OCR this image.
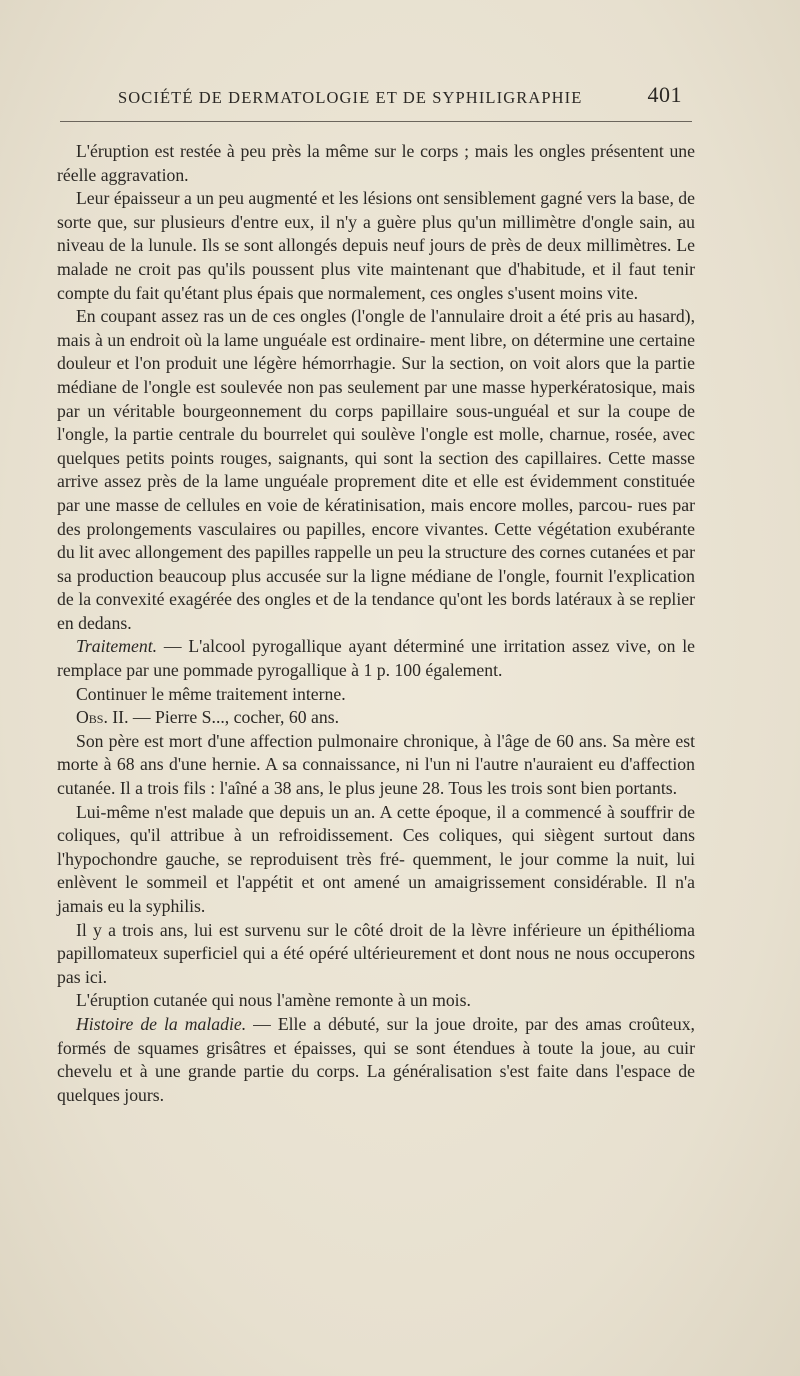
SOCIÉTÉ DE DERMATOLOGIE ET DE SYPHILIGRAPHIE	401

L'éruption est restée à peu près la même sur le corps ; mais les ongles présentent une réelle aggravation.

Leur épaisseur a un peu augmenté et les lésions ont sensiblement gagné vers la base, de sorte que, sur plusieurs d'entre eux, il n'y a guère plus qu'un millimètre d'ongle sain, au niveau de la lunule. Ils se sont allongés depuis neuf jours de près de deux millimètres. Le malade ne croit pas qu'ils poussent plus vite maintenant que d'habitude, et il faut tenir compte du fait qu'étant plus épais que normalement, ces ongles s'usent moins vite.

En coupant assez ras un de ces ongles (l'ongle de l'annulaire droit a été pris au hasard), mais à un endroit où la lame unguéale est ordinaire- ment libre, on détermine une certaine douleur et l'on produit une légère hémorrhagie. Sur la section, on voit alors que la partie médiane de l'ongle est soulevée non pas seulement par une masse hyperkératosique, mais par un véritable bourgeonnement du corps papillaire sous-unguéal et sur la coupe de l'ongle, la partie centrale du bourrelet qui soulève l'ongle est molle, charnue, rosée, avec quelques petits points rouges, saignants, qui sont la section des capillaires. Cette masse arrive assez près de la lame unguéale proprement dite et elle est évidemment constituée par une masse de cellules en voie de kératinisation, mais encore molles, parcou- rues par des prolongements vasculaires ou papilles, encore vivantes. Cette végétation exubérante du lit avec allongement des papilles rappelle un peu la structure des cornes cutanées et par sa production beaucoup plus accusée sur la ligne médiane de l'ongle, fournit l'explication de la convexité exagérée des ongles et de la tendance qu'ont les bords latéraux à se replier en dedans.

Traitement. — L'alcool pyrogallique ayant déterminé une irritation assez vive, on le remplace par une pommade pyrogallique à 1 p. 100 également.

Continuer le même traitement interne.

Obs. II. — Pierre S..., cocher, 60 ans.

Son père est mort d'une affection pulmonaire chronique, à l'âge de 60 ans. Sa mère est morte à 68 ans d'une hernie. A sa connaissance, ni l'un ni l'autre n'auraient eu d'affection cutanée. Il a trois fils : l'aîné a 38 ans, le plus jeune 28. Tous les trois sont bien portants.

Lui-même n'est malade que depuis un an. A cette époque, il a commencé à souffrir de coliques, qu'il attribue à un refroidissement. Ces coliques, qui siègent surtout dans l'hypochondre gauche, se reproduisent très fré- quemment, le jour comme la nuit, lui enlèvent le sommeil et l'appétit et ont amené un amaigrissement considérable. Il n'a jamais eu la syphilis.

Il y a trois ans, lui est survenu sur le côté droit de la lèvre inférieure un épithélioma papillomateux superficiel qui a été opéré ultérieurement et dont nous ne nous occuperons pas ici.

L'éruption cutanée qui nous l'amène remonte à un mois.

Histoire de la maladie. — Elle a débuté, sur la joue droite, par des amas croûteux, formés de squames grisâtres et épaisses, qui se sont étendues à toute la joue, au cuir chevelu et à une grande partie du corps. La généralisation s'est faite dans l'espace de quelques jours.
